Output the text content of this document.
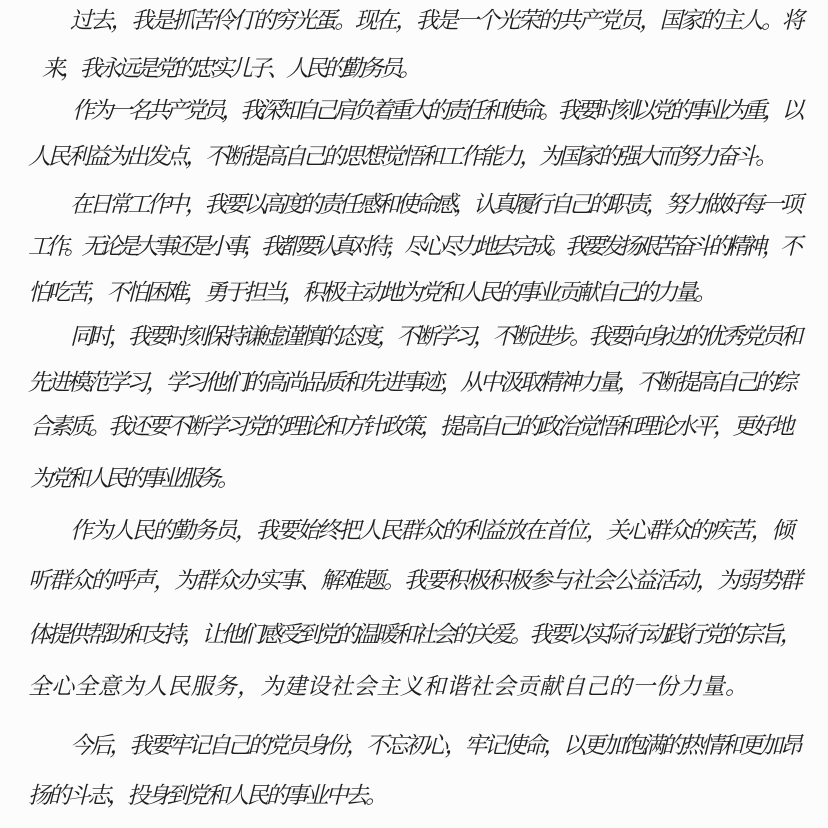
过去，我是抓苦伶仃的穷光蛋。现在，我是一个光荣的共产党员，国家的主人。将
来，我永远是党的忠实儿子、人民的勤务员。
作为一名共产党员，我深知自己肩负着重大的责任和使命。我要时刻以党的事业为重，以
人民利益为出发点，不断提高自己的思想觉悟和工作能力，为国家的强大而努力奋斗。
在日常工作中，我要以高度的责任感和使命感，认真履行自己的职责，努力做好每一项
工作。无论是大事还是小事，我都要认真对待，尽心尽力地去完成。我要发扬艰苦奋斗的精神，不
怕吃苦，不怕困难，勇于担当，积极主动地为党和人民的事业贡献自己的力量。
同时，我要时刻保持谦虚谨慎的态度，不断学习，不断进步。我要向身边的优秀党员和
先进模范学习，学习他们的高尚品质和先进事迹，从中汲取精神力量，不断提高自己的综
合素质。我还要不断学习党的理论和方针政策，提高自己的政治觉悟和理论水平，更好地
为党和人民的事业服务。
作为人民的勤务员，我要始终把人民群众的利益放在首位，关心群众的疾苦，倾
听群众的呼声，为群众办实事、解难题。我要积极积极参与社会公益活动，为弱势群
体提供帮助和支持，让他们感受到党的温暖和社会的关爱。我要以实际行动践行党的宗旨，
全心全意为人民服务，为建设社会主义和谐社会贡献自己的一份力量。
今后，我要牢记自己的党员身份，不忘初心，牢记使命，以更加饱满的热情和更加昂
扬的斗志，投身到党和人民的事业中去。
